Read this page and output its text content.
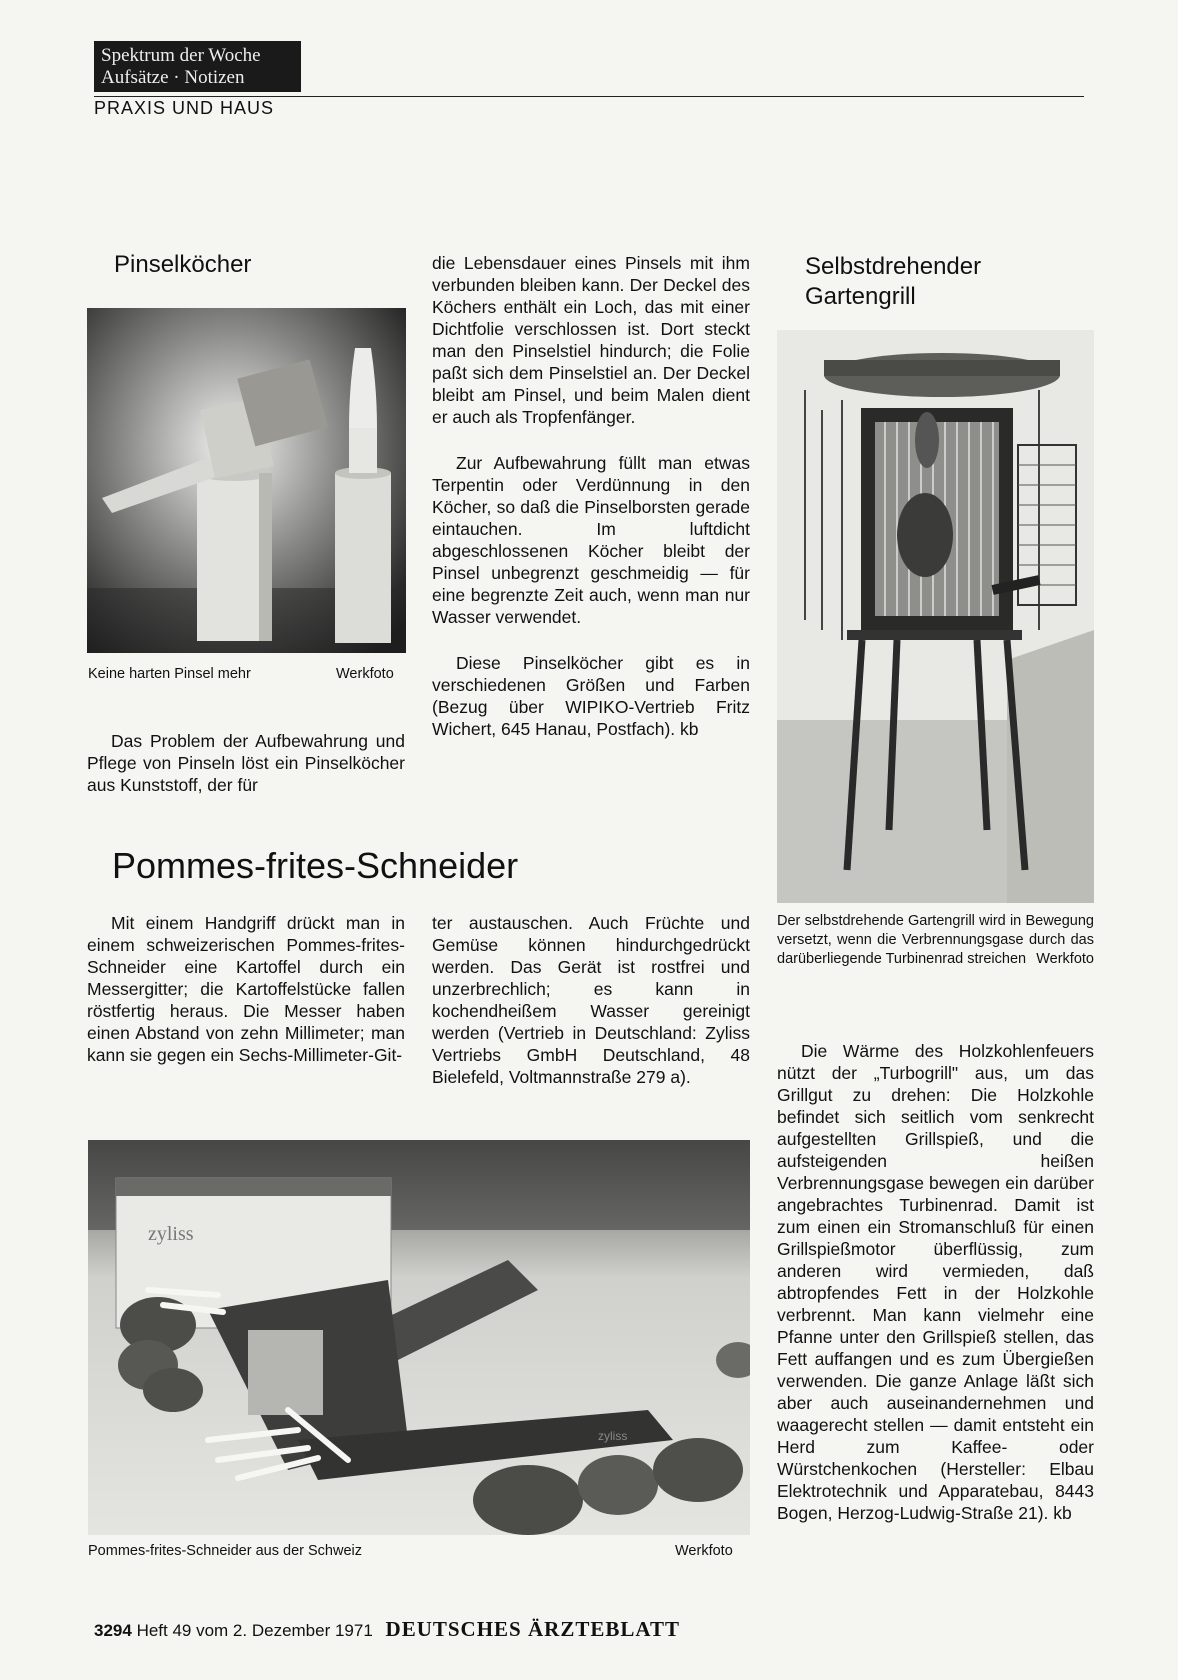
Spektrum der Woche
Aufsätze · Notizen
PRAXIS UND HAUS
Pinselköcher
Keine harten Pinsel mehr	Werkfoto

Das Problem der Aufbewahrung und Pflege von Pinseln löst ein Pinselköcher aus Kunststoff, der für

die Lebensdauer eines Pinsels mit ihm verbunden bleiben kann. Der Deckel des Köchers enthält ein Loch, das mit einer Dichtfolie verschlossen ist. Dort steckt man den Pinselstiel hindurch; die Folie paßt sich dem Pinselstiel an. Der Deckel bleibt am Pinsel, und beim Malen dient er auch als Tropfenfänger.

Zur Aufbewahrung füllt man etwas Terpentin oder Verdünnung in den Köcher, so daß die Pinselborsten gerade eintauchen. Im luftdicht abgeschlossenen Köcher bleibt der Pinsel unbegrenzt geschmeidig — für eine begrenzte Zeit auch, wenn man nur Wasser verwendet.

Diese Pinselköcher gibt es in verschiedenen Größen und Farben (Bezug über WIPIKO-Vertrieb Fritz Wichert, 645 Hanau, Postfach). kb

Selbstdrehender
Gartengrill
Der selbstdrehende Gartengrill wird in Bewegung versetzt, wenn die Verbrennungsgase durch das darüberliegende Turbinenrad streichen Werkfoto

Die Wärme des Holzkohlenfeuers nützt der „Turbogrill" aus, um das Grillgut zu drehen: Die Holzkohle befindet sich seitlich vom senkrecht aufgestellten Grillspieß, und die aufsteigenden heißen Verbrennungsgase bewegen ein darüber angebrachtes Turbinenrad. Damit ist zum einen ein Stromanschluß für einen Grillspießmotor überflüssig, zum anderen wird vermieden, daß abtropfendes Fett in der Holzkohle verbrennt. Man kann vielmehr eine Pfanne unter den Grillspieß stellen, das Fett auffangen und es zum Übergießen verwenden. Die ganze Anlage läßt sich aber auch auseinandernehmen und waagerecht stellen — damit entsteht ein Herd zum Kaffee- oder Würstchenkochen (Hersteller: Elbau Elektrotechnik und Apparatebau, 8443 Bogen, Herzog-Ludwig-Straße 21). kb

Pommes-frites-Schneider

Mit einem Handgriff drückt man in einem schweizerischen Pommes-frites-Schneider eine Kartoffel durch ein Messergitter; die Kartoffelstücke fallen röstfertig heraus. Die Messer haben einen Abstand von zehn Millimeter; man kann sie gegen ein Sechs-Millimeter-Git-

ter austauschen. Auch Früchte und Gemüse können hindurchgedrückt werden. Das Gerät ist rostfrei und unzerbrechlich; es kann in kochendheißem Wasser gereinigt werden (Vertrieb in Deutschland: Zyliss Vertriebs GmbH Deutschland, 48 Bielefeld, Voltmannstraße 279 a).

zyliss
zyliss
Pommes-frites-Schneider aus der Schweiz	Werkfoto
3294 Heft 49 vom 2. Dezember 1971 DEUTSCHES ÄRZTEBLATT
